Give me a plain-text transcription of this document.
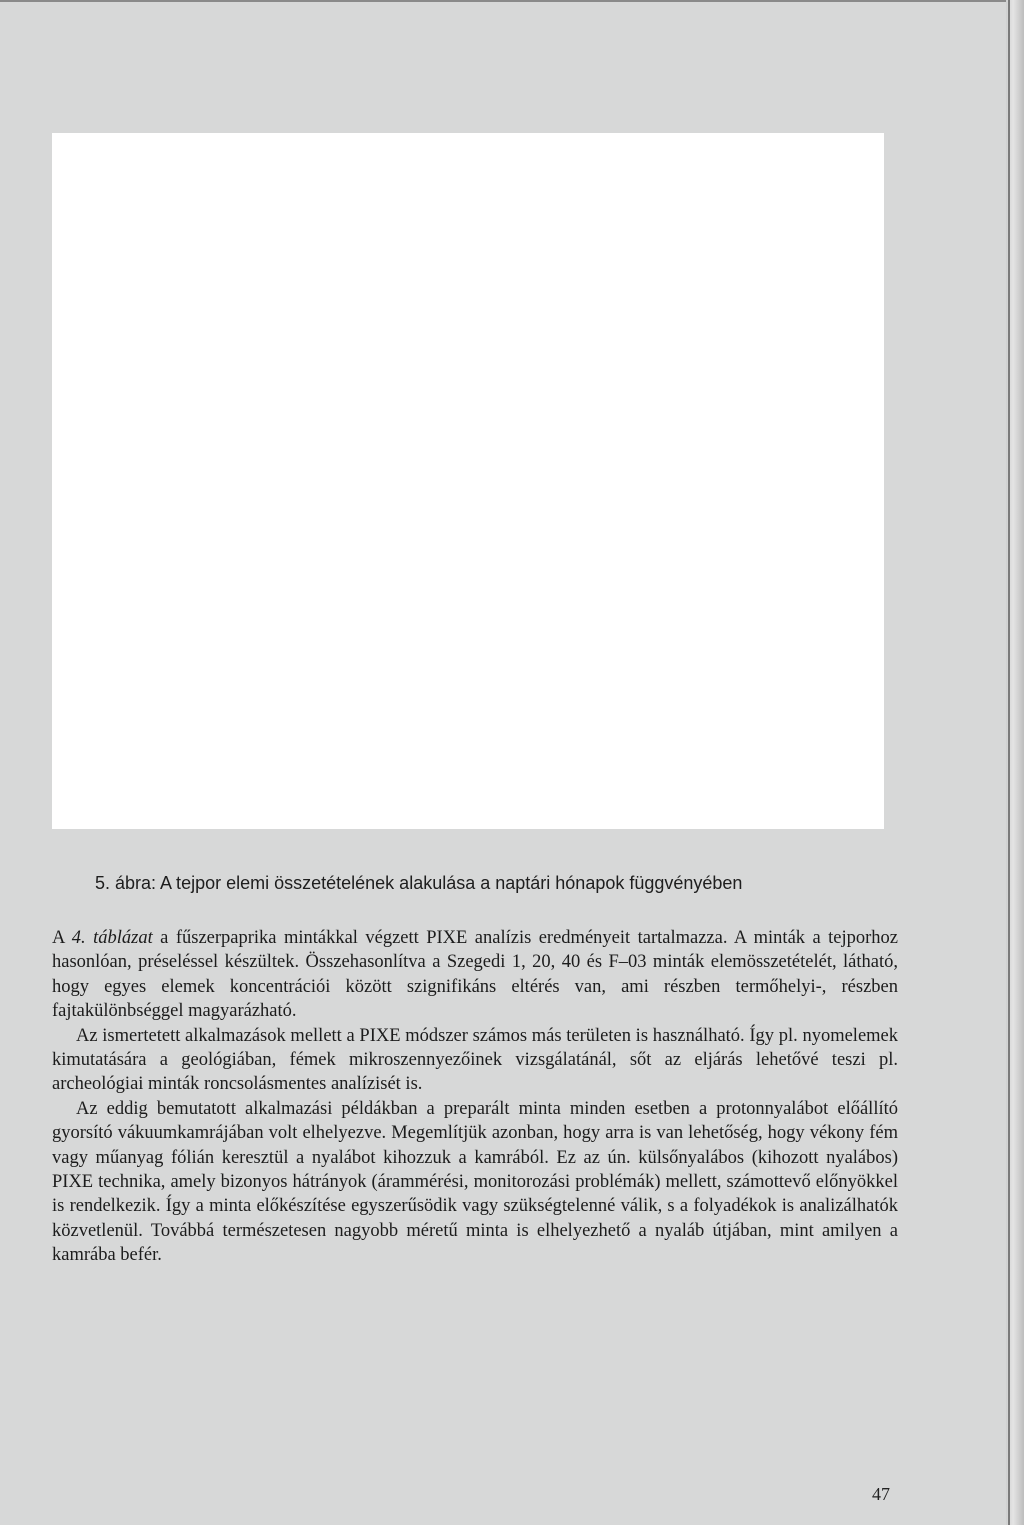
5. ábra: A tejpor elemi összetételének alakulása a naptári hónapok függvényében

A 4. táblázat a fűszerpaprika mintákkal végzett PIXE analízis eredményeit tartalmazza. A minták a tejporhoz hasonlóan, préseléssel készültek. Összehasonlítva a Szegedi 1, 20, 40 és F–03 minták elemösszetételét, látható, hogy egyes elemek koncentrációi között szignifikáns eltérés van, ami részben termőhelyi-, részben fajtakülönbséggel magyarázható.

Az ismertetett alkalmazások mellett a PIXE módszer számos más területen is használható. Így pl. nyomelemek kimutatására a geológiában, fémek mikroszennyezőinek vizsgálatánál, sőt az eljárás lehetővé teszi pl. archeológiai minták roncsolásmentes analízisét is.

Az eddig bemutatott alkalmazási példákban a preparált minta minden esetben a protonnyalábot előállító gyorsító vákuumkamrájában volt elhelyezve. Megemlítjük azonban, hogy arra is van lehetőség, hogy vékony fém vagy műanyag fólián keresztül a nyalábot kihozzuk a kamrából. Ez az ún. külsőnyalábos (kihozott nyalábos) PIXE technika, amely bizonyos hátrányok (árammérési, monitorozási problémák) mellett, számottevő előnyökkel is rendelkezik. Így a minta előkészítése egyszerűsödik vagy szükségtelenné válik, s a folyadékok is analizálhatók közvetlenül. Továbbá természetesen nagyobb méretű minta is elhelyezhető a nyaláb útjában, mint amilyen a kamrába befér.

47
